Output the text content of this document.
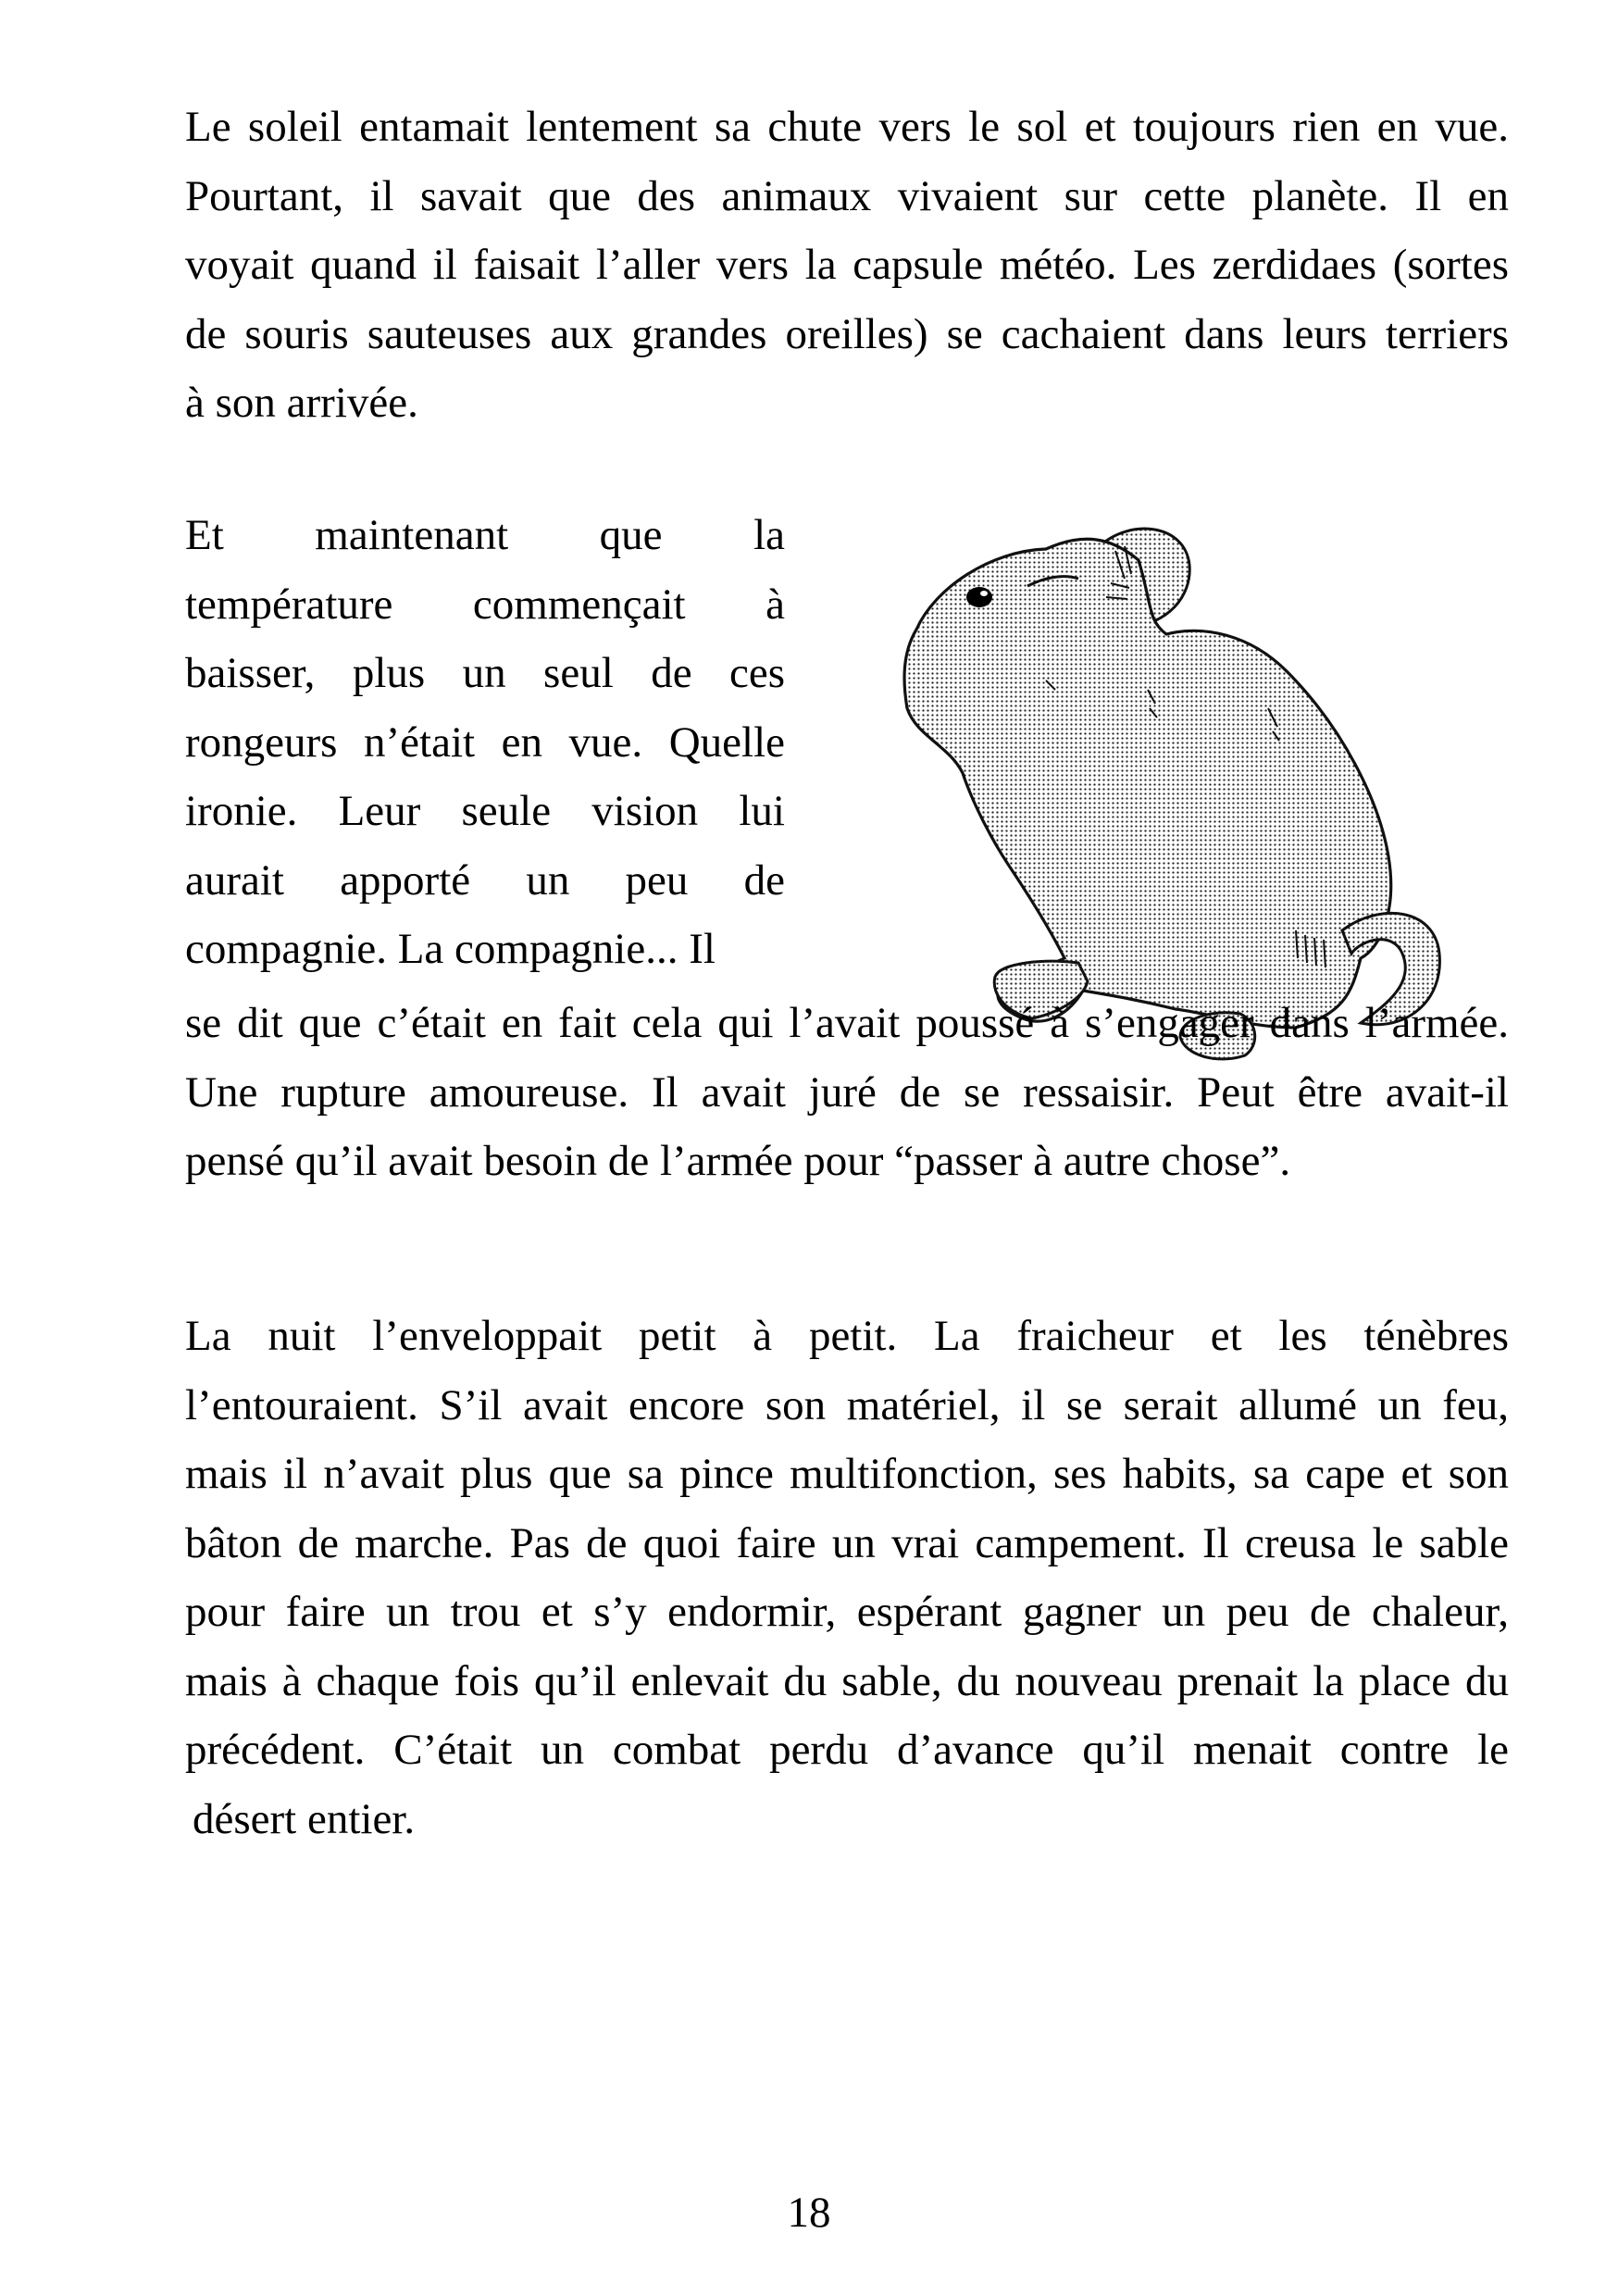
Le soleil entamait lentement sa chute vers le sol et toujours rien en vue.
Pourtant, il savait que des animaux vivaient sur cette planète. Il en
voyait quand il faisait l’aller vers la capsule météo. Les zerdidaes (sortes
de souris sauteuses aux grandes oreilles) se cachaient dans leurs terriers
à son arrivée.
Et maintenant que la
température commençait à
baisser, plus un seul de ces
rongeurs n’était en vue. Quelle
ironie. Leur seule vision lui
aurait apporté un peu de
compagnie. La compagnie... Il
se dit que c’était en fait cela qui l’avait poussé à s’engager dans l’armée.
Une rupture amoureuse. Il avait juré de se ressaisir. Peut être avait-il
pensé qu’il avait besoin de l’armée pour “passer à autre chose”.
La nuit l’enveloppait petit à petit. La fraicheur et les ténèbres
l’entouraient. S’il avait encore son matériel, il se serait allumé un feu,
mais il n’avait plus que sa pince multifonction, ses habits, sa cape et son
bâton de marche. Pas de quoi faire un vrai campement. Il creusa le sable
pour faire un trou et s’y endormir, espérant gagner un peu de chaleur,
mais à chaque fois qu’il enlevait du sable, du nouveau prenait la place du
précédent. C’était un combat perdu d’avance qu’il menait contre le
désert entier.
18
